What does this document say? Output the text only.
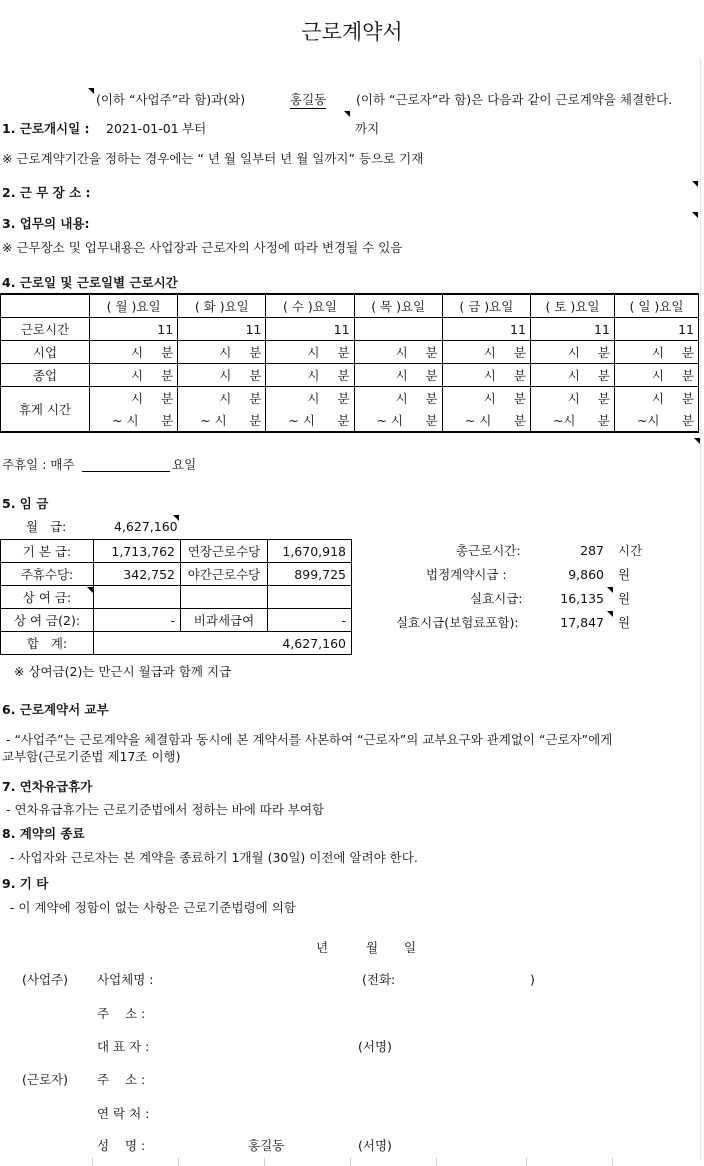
근로계약서
(이하 “사업주”라 함)과(와)	홍길동 (이하 “근로자”라 함)은 다음과 같이 근로계약을 체결한다.
1. 근로개시일 : 2021-01-01 부터	까지
※ 근로계약기간을 정하는 경우에는 “ 년 월 일부터 년 월 일까지” 등으로 기재
2. 근 무 장 소 :
3. 업무의 내용:
※ 근무장소 및 업무내용은 사업장과 근로자의 사정에 따라 변경될 수 있음
4. 근로일 및 근로일별 근로시간
	( 월 )요일	( 화 )요일	( 수 )요일	( 목 )요일	( 금 )요일	( 토 )요일	( 일 )요일
근로시간	11	11	11		11	11	11
시업	시 분	시 분	시 분	시 분	시 분	시 분	시 분

종업	시 분	시 분	시 분	시 분	시 분	시 분	시 분

휴게 시간	시 분	시 분	시 분	시 분	시 분	시 분	시 분

	~ 시 분	~ 시 분	~ 시 분	~ 시 분	~ 시 분	~시 분	~시 분
주휴일 : 매주	요일
5. 임 금
월   급:	4,627,160
기 본 급:	1,713,762	연장근로수당	1,670,918
주휴수당:	342,752	야간근로수당	899,725
상 여 금:			
상 여 금(2):	-	비과세급여	-
합   계:	4,627,160		
※ 상여금(2)는 만근시 월급과 함께 지급
총근로시간:	287 시간
법정계약시급 :	9,860 원
실효시급:	16,135 원
실효시급(보험료포함):	17,847 원
6. 근로계약서 교부
- “사업주”는 근로계약을 체결함과 동시에 본 계약서를 사본하여 “근로자”의 교부요구와 관계없이 “근로자”에게
교부함(근로기준법 제17조 이행)
7. 연차유급휴가
- 연차유급휴가는 근로기준법에서 정하는 바에 따라 부여함
8. 계약의 종료
- 사업자와 근로자는 본 계약을 종료하기 1개월 (30일) 이전에 알려야 한다.
9. 기 타
- 이 계약에 정함이 없는 사항은 근로기준법령에 의함
년	월 일
(사업주) 사업체명 :	(전화:	)
주    소 :
대 표 자 :	(서명)
(근로자) 주    소 :
연 락 처 :
성    명 :	홍길동	(서명)
